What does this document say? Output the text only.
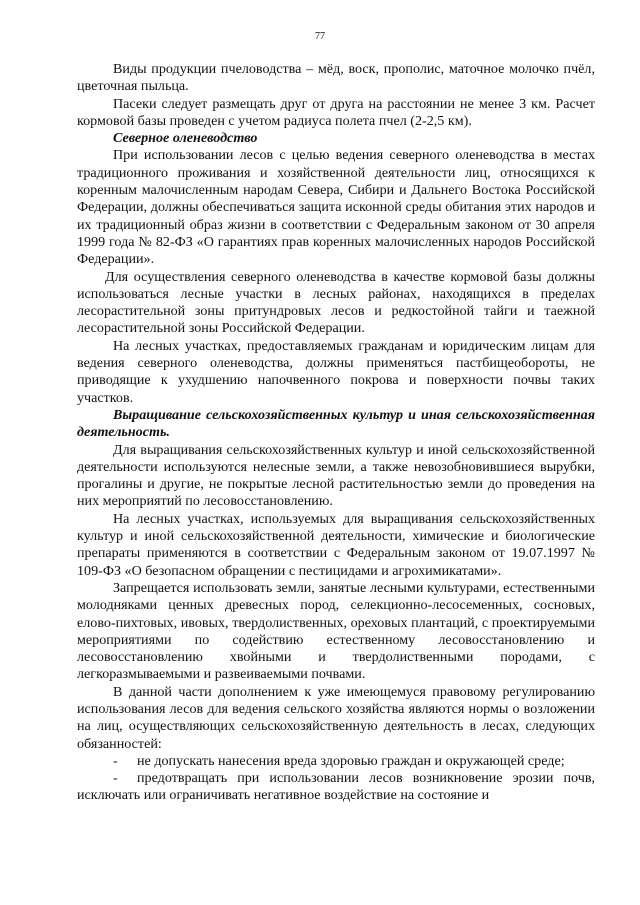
77

Виды продукции пчеловодства – мёд, воск, прополис, маточное молочко пчёл, цветочная пыльца.

Пасеки следует размещать друг от друга на расстоянии не менее 3 км. Расчет кормовой базы проведен с учетом радиуса полета пчел (2-2,5 км).

Северное оленеводство

При использовании лесов с целью ведения северного оленеводства в местах традиционного проживания и хозяйственной деятельности лиц, относящихся к коренным малочисленным народам Севера, Сибири и Дальнего Востока Российской Федерации, должны обеспечиваться защита исконной среды обитания этих народов и их традиционный образ жизни в соответствии с Федеральным законом от 30 апреля 1999 года № 82-ФЗ «О гарантиях прав коренных малочисленных народов Российской Федерации».

Для осуществления северного оленеводства в качестве кормовой базы должны использоваться лесные участки в лесных районах, находящихся в пределах лесорастительной зоны притундровых лесов и редкостойной тайги и таежной лесорастительной зоны Российской Федерации.

На лесных участках, предоставляемых гражданам и юридическим лицам для ведения северного оленеводства, должны применяться пастбищеобороты, не приводящие к ухудшению напочвенного покрова и поверхности почвы таких участков.

Выращивание сельскохозяйственных культур и иная сельскохозяйственная деятельность.

Для выращивания сельскохозяйственных культур и иной сельскохозяйственной деятельности используются нелесные земли, а также невозобновившиеся вырубки, прогалины и другие, не покрытые лесной растительностью земли до проведения на них мероприятий по лесовосстановлению.

На лесных участках, используемых для выращивания сельскохозяйственных культур и иной сельскохозяйственной деятельности, химические и биологические препараты применяются в соответствии с Федеральным законом от 19.07.1997 № 109-ФЗ «О безопасном обращении с пестицидами и агрохимикатами».

Запрещается использовать земли, занятые лесными культурами, естественными молодняками ценных древесных пород, селекционно-лесосеменных, сосновых, елово-пихтовых, ивовых, твердолиственных, ореховых плантаций, с проектируемыми мероприятиями по содействию естественному лесовосстановлению и лесовосстановлению хвойными и твердолиственными породами, с легкоразмываемыми и развеиваемыми почвами.

В данной части дополнением к уже имеющемуся правовому регулированию использования лесов для ведения сельского хозяйства являются нормы о возложении на лиц, осуществляющих сельскохозяйственную деятельность в лесах, следующих обязанностей:

- не допускать нанесения вреда здоровью граждан и окружающей среде;
- предотвращать при использовании лесов возникновение эрозии почв, исключать или ограничивать негативное воздействие на состояние и
